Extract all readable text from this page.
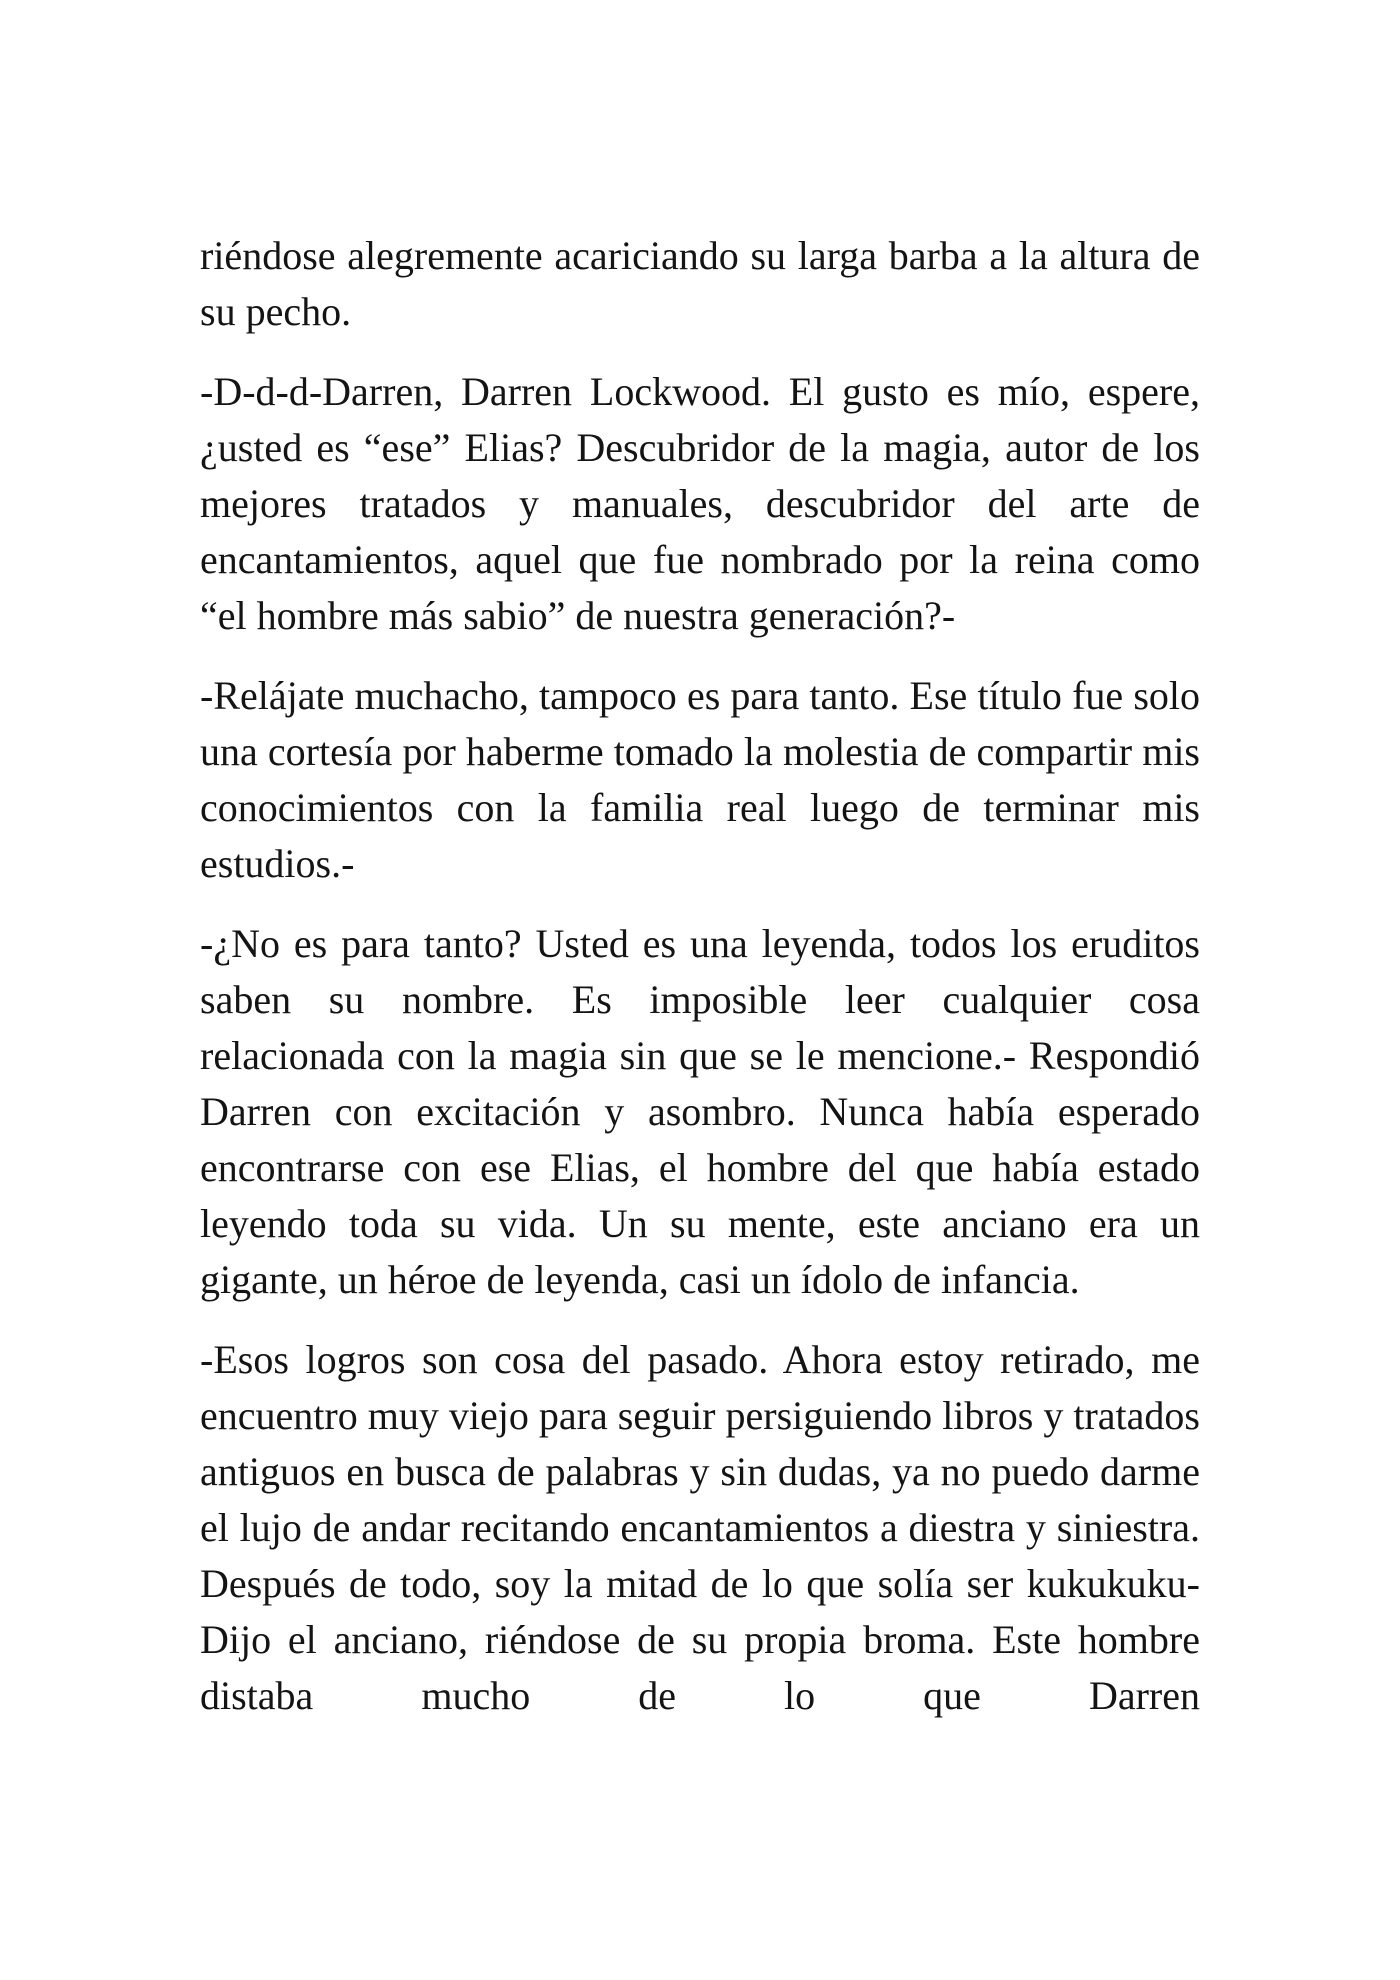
riéndose alegremente acariciando su larga barba a la altura de su pecho.

-D-d-d-Darren, Darren Lockwood. El gusto es mío, espere, ¿usted es “ese” Elias? Descubridor de la magia, autor de los mejores tratados y manuales, descubridor del arte de encantamientos, aquel que fue nombrado por la reina como “el hombre más sabio” de nuestra generación?-

-Relájate muchacho, tampoco es para tanto. Ese título fue solo una cortesía por haberme tomado la molestia de compartir mis conocimientos con la familia real luego de terminar mis estudios.-

-¿No es para tanto? Usted es una leyenda, todos los eruditos saben su nombre. Es imposible leer cualquier cosa relacionada con la magia sin que se le mencione.- Respondió Darren con excitación y asombro. Nunca había esperado encontrarse con ese Elias, el hombre del que había estado leyendo toda su vida. Un su mente, este anciano era un gigante, un héroe de leyenda, casi un ídolo de infancia.

-Esos logros son cosa del pasado. Ahora estoy retirado, me encuentro muy viejo para seguir persiguiendo libros y tratados antiguos en busca de palabras y sin dudas, ya no puedo darme el lujo de andar recitando encantamientos a diestra y siniestra. Después de todo, soy la mitad de lo que solía ser kukukuku- Dijo el anciano, riéndose de su propia broma. Este hombre distaba mucho de lo que Darren
